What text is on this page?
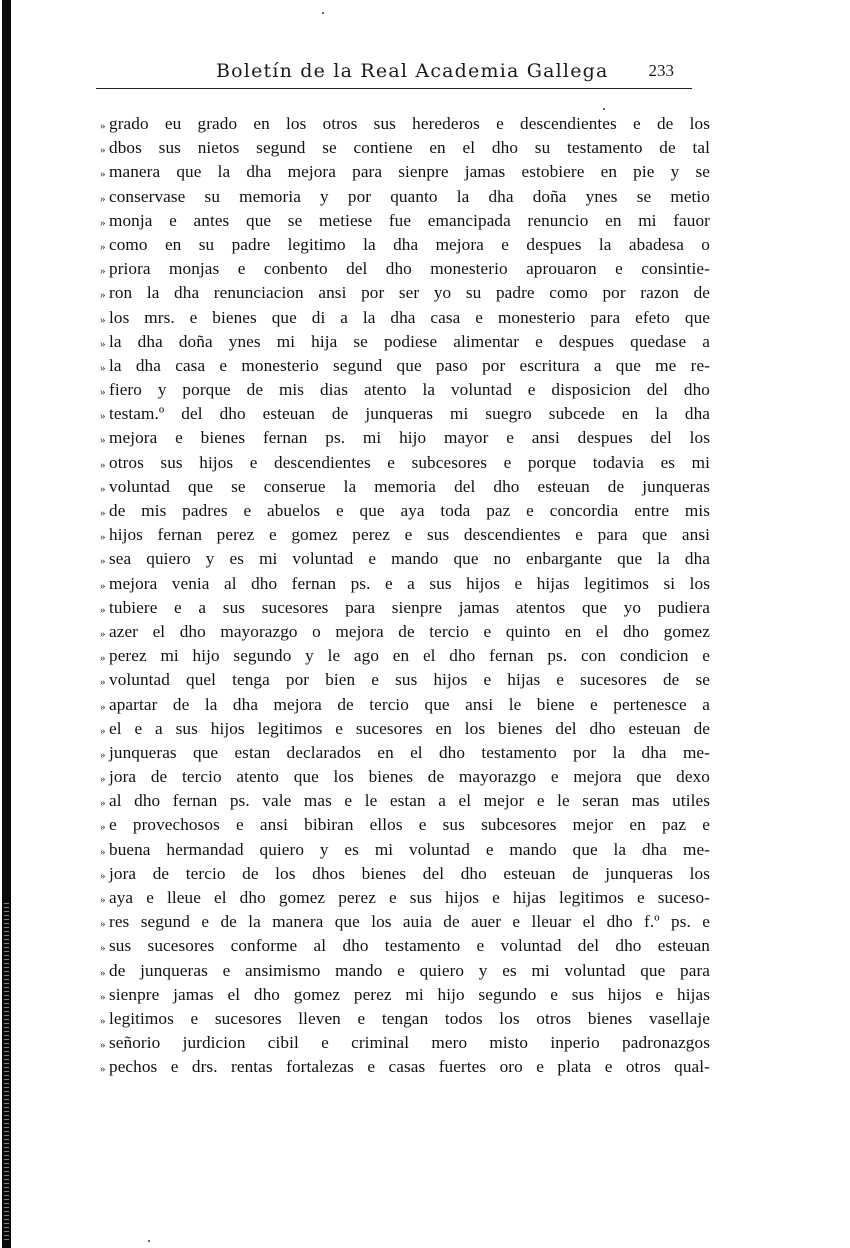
Boletín de la Real Academia Gallega 233
» grado eu grado en los otros sus herederos e descendientes e de los
» dbos sus nietos segund se contiene en el dho su testamento de tal
» manera que la dha mejora para sienpre jamas estobiere en pie y se
» conservase su memoria y por quanto la dha doña ynes se metio
» monja e antes que se metiese fue emancipada renuncio en mi fauor
» como en su padre legitimo la dha mejora e despues la abadesa o
» priora monjas e conbento del dho monesterio aprouaron e consintie-
» ron la dha renunciacion ansi por ser yo su padre como por razon de
» los mrs. e bienes que di a la dha casa e monesterio para efeto que
» la dha doña ynes mi hija se podiese alimentar e despues quedase a
» la dha casa e monesterio segund que paso por escritura a que me re-
» fiero y porque de mis dias atento la voluntad e disposicion del dho
» testam.º del dho esteuan de junqueras mi suegro subcede en la dha
» mejora e bienes fernan ps. mi hijo mayor e ansi despues del los
» otros sus hijos e descendientes e subcesores e porque todavia es mi
» voluntad que se conserue la memoria del dho esteuan de junqueras
» de mis padres e abuelos e que aya toda paz e concordia entre mis
» hijos fernan perez e gomez perez e sus descendientes e para que ansi
» sea quiero y es mi voluntad e mando que no enbargante que la dha
» mejora venia al dho fernan ps. e a sus hijos e hijas legitimos si los
» tubiere e a sus sucesores para sienpre jamas atentos que yo pudiera
» azer el dho mayorazgo o mejora de tercio e quinto en el dho gomez
» perez mi hijo segundo y le ago en el dho fernan ps. con condicion e
» voluntad quel tenga por bien e sus hijos e hijas e sucesores de se
» apartar de la dha mejora de tercio que ansi le biene e pertenesce a
» el e a sus hijos legitimos e sucesores en los bienes del dho esteuan de
» junqueras que estan declarados en el dho testamento por la dha me-
» jora de tercio atento que los bienes de mayorazgo e mejora que dexo
» al dho fernan ps. vale mas e le estan a el mejor e le seran mas utiles
» e provechosos e ansi bibiran ellos e sus subcesores mejor en paz e
» buena hermandad quiero y es mi voluntad e mando que la dha me-
» jora de tercio de los dhos bienes del dho esteuan de junqueras los
» aya e lleue el dho gomez perez e sus hijos e hijas legitimos e suceso-
» res segund e de la manera que los auia de auer e lleuar el dho f.º ps. e
» sus sucesores conforme al dho testamento e voluntad del dho esteuan
» de junqueras e ansimismo mando e quiero y es mi voluntad que para
» sienpre jamas el dho gomez perez mi hijo segundo e sus hijos e hijas
» legitimos e sucesores lleven e tengan todos los otros bienes vasellaje
» señorio jurdicion cibil e criminal mero misto inperio padronazgos
» pechos e drs. rentas fortalezas e casas fuertes oro e plata e otros qual-
